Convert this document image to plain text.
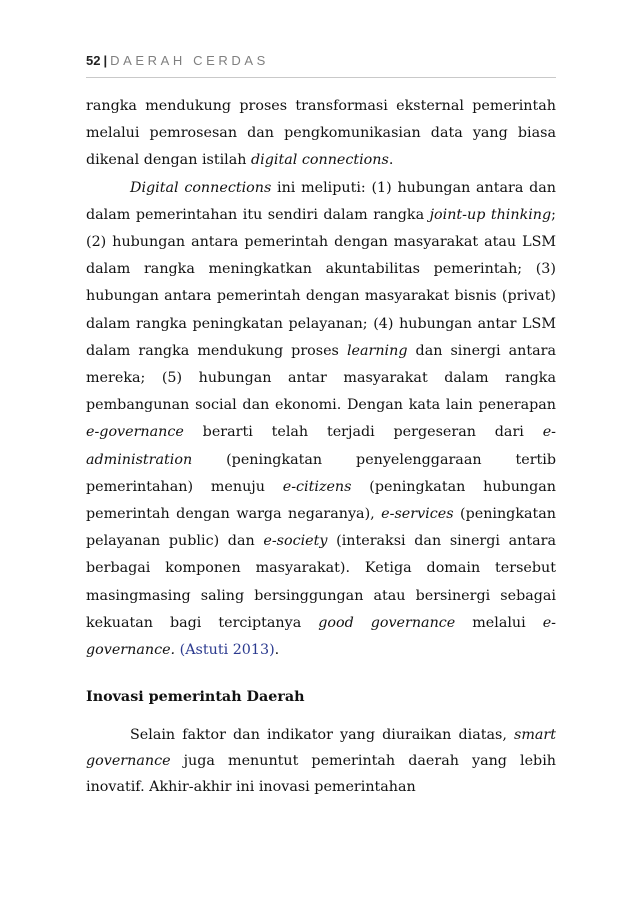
52 | DAERAH CERDAS

rangka mendukung proses transformasi eksternal pemerintah melalui pemrosesan dan pengkomunikasian data yang biasa dikenal dengan istilah digital connections.

Digital connections ini meliputi: (1) hubungan antara dan dalam pemerintahan itu sendiri dalam rangka joint-up thinking; (2) hubungan antara pemerintah dengan masyarakat atau LSM dalam rangka meningkatkan akuntabilitas pemerintah; (3) hubungan antara pemerintah dengan masyarakat bisnis (privat) dalam rangka peningkatan pelayanan; (4) hubungan antar LSM dalam rangka mendukung proses learning dan sinergi antara mereka; (5) hubungan antar masyarakat dalam rangka pembangunan social dan ekonomi. Dengan kata lain penerapan e-governance berarti telah terjadi pergeseran dari e-administration (peningkatan penyelenggaraan tertib pemerintahan) menuju e-citizens (peningkatan hubungan pemerintah dengan warga negaranya), e-services (peningkatan pelayanan public) dan e-society (interaksi dan sinergi antara berbagai komponen masyarakat). Ketiga domain tersebut masingmasing saling bersinggungan atau bersinergi sebagai kekuatan bagi terciptanya good governance melalui e-governance. (Astuti 2013).

Inovasi pemerintah Daerah

Selain faktor dan indikator yang diuraikan diatas, smart governance juga menuntut pemerintah daerah yang lebih inovatif. Akhir-akhir ini inovasi pemerintahan
